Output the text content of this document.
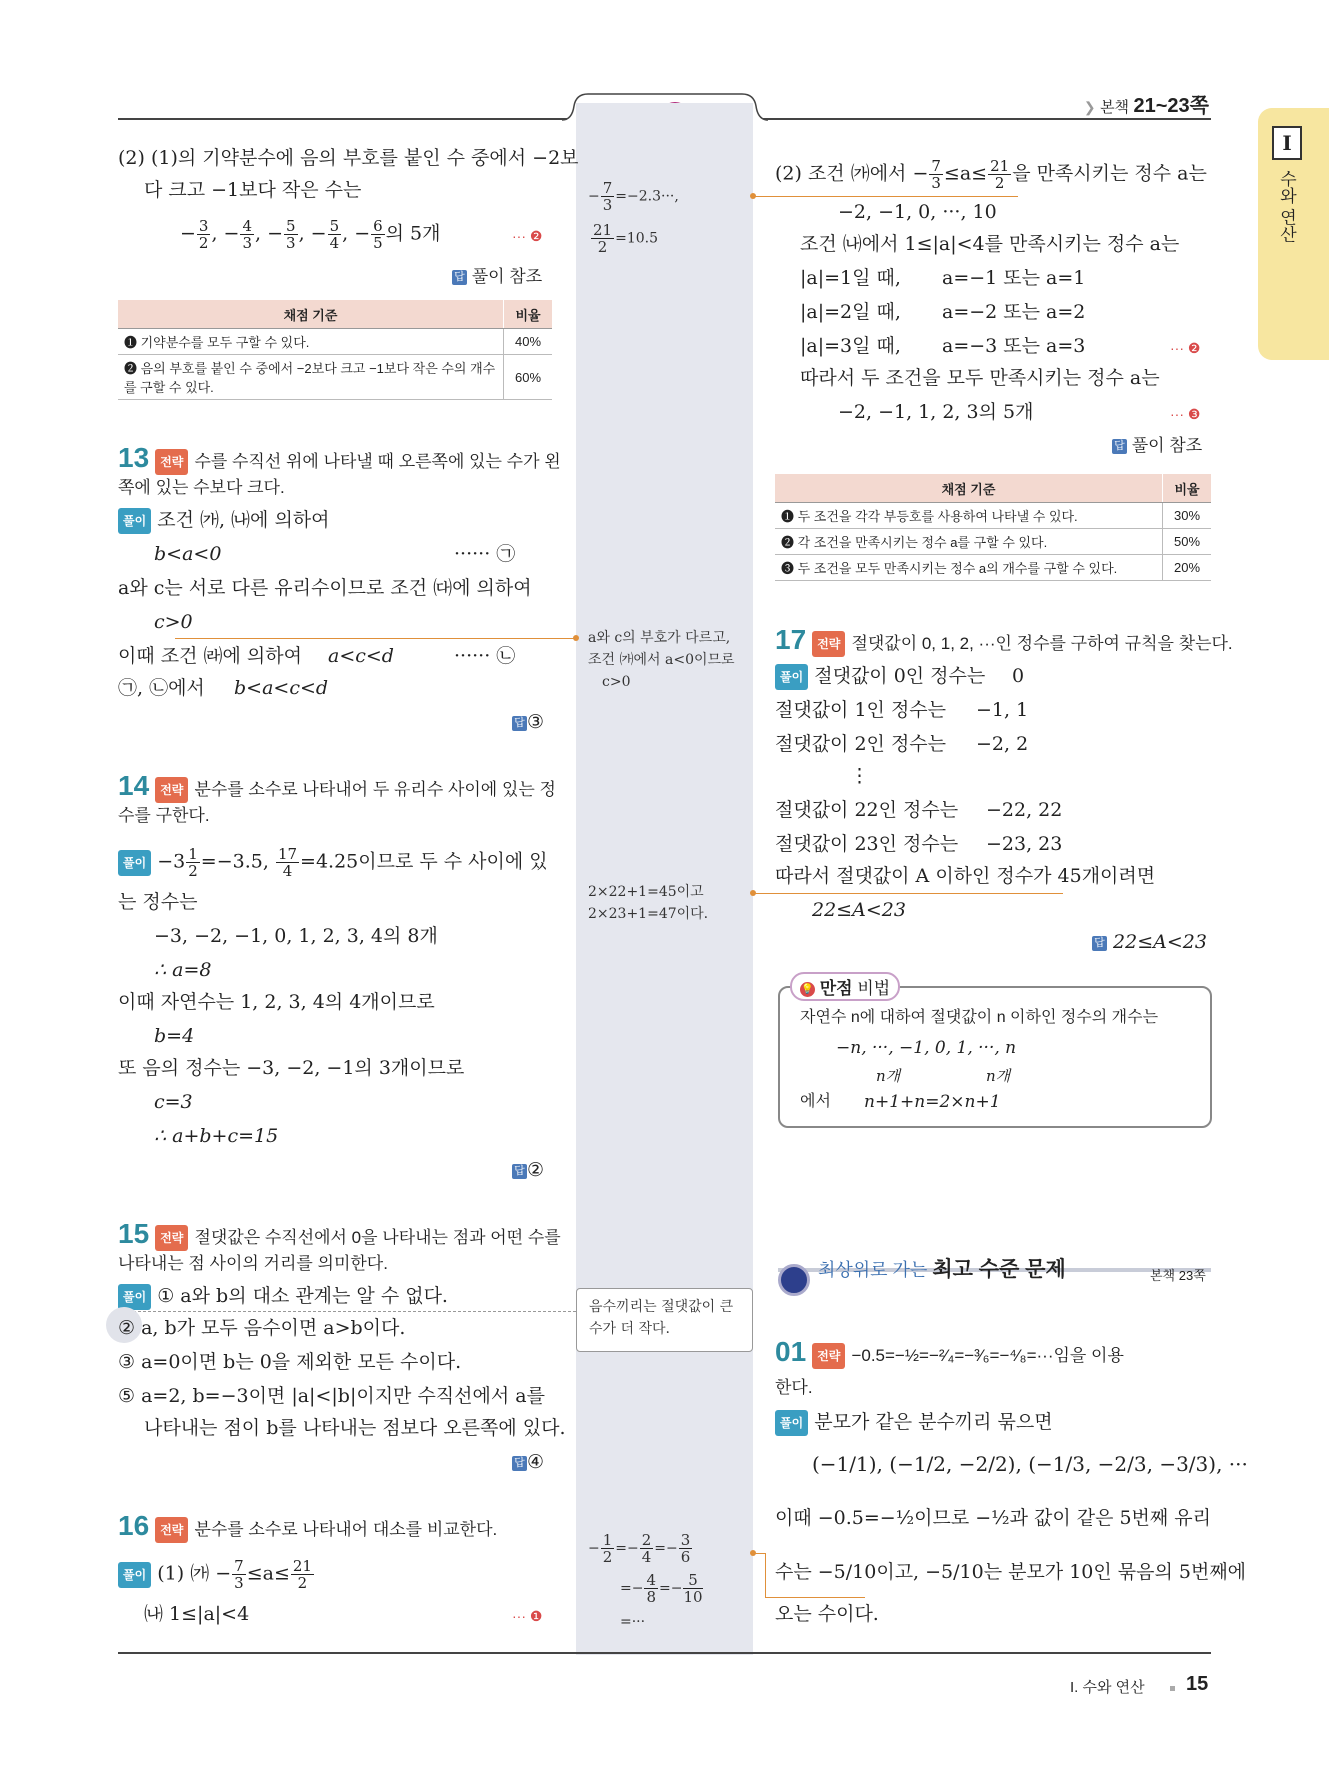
❯ 본책 21~23쪽
I
수와 연산
− $\frac{7}{3} =-2.3\cdot\cdot\cdot$,
$\frac{21}{2} =10.5$
a와 c의 부호가 다르고,
조건 ㈎에서 a<0이므로
c>0
2×22+1=45이고
2×23+1=47이다.
음수끼리는 절댓값이 큰
수가 더 작다.
− $\frac{1}{2} =- \frac{2}{4} =- \frac{3}{6}$
=− $\frac{4}{8} =- \frac{5}{10}$
=···
(2) (1)의 기약분수에 음의 부호를 붙인 수 중에서 −2보
다 크고 −1보다 작은 수는
− $\frac{3}{2}$ , − $\frac{4}{3}$ , − $\frac{5}{3}$ , − $\frac{5}{4}$ , − $\frac{6}{5}$ 의 5개	··· ❷
답 풀이 참조
채점 기준	비율
❶ 기약분수를 모두 구할 수 있다.	40%
❷ 음의 부호를 붙인 수 중에서 −2보다 크고 −1보다 작은 수의 개수를 구할 수 있다.	60%
13 전략 수를 수직선 위에 나타낼 때 오른쪽에 있는 수가 왼
쪽에 있는 수보다 크다.
풀이 조건 ㈎, ㈏에 의하여
b<a<0	······ ㉠
a와 c는 서로 다른 유리수이므로 조건 ㈐에 의하여
c>0
이때 조건 ㈑에 의하여 a<c<d	······ ㉡
㉠, ㉡에서 b<a<c<d
답 ③
14 전략 분수를 소수로 나타내어 두 유리수 사이에 있는 정
수를 구한다.
풀이 $-3 \frac{1}{2} =-3.5$, $\frac{17}{4} =4.25$이므로 두 수 사이에 있
는 정수는
−3, −2, −1, 0, 1, 2, 3, 4의 8개
∴ a=8
이때 자연수는 1, 2, 3, 4의 4개이므로
b=4
또 음의 정수는 −3, −2, −1의 3개이므로
c=3
∴ a+b+c=15
답 ②
15 전략 절댓값은 수직선에서 0을 나타내는 점과 어떤 수를
나타내는 점 사이의 거리를 의미한다.
풀이 ① a와 b의 대소 관계는 알 수 없다.
② a, b가 모두 음수이면 a>b이다.
③ a=0이면 b는 0을 제외한 모든 수이다.
⑤ a=2, b=−3이면 |a|<|b|이지만 수직선에서 a를
나타내는 점이 b를 나타내는 점보다 오른쪽에 있다.
답 ④
16 전략 분수를 소수로 나타내어 대소를 비교한다.
풀이 (1) ㈎ − $\frac{7}{3} \le a\le \frac{21}{2}$
㈏ 1≤|a|<4	··· ❶
(2) 조건 ㈎에서 − $\frac{7}{3} \le a\le \frac{21}{2}$ 을 만족시키는 정수 a는
−2, −1, 0, ···, 10
조건 ㈏에서 1≤|a|<4를 만족시키는 정수 a는
|a|=1일 때, a=−1 또는 a=1
|a|=2일 때, a=−2 또는 a=2
|a|=3일 때, a=−3 또는 a=3	··· ❷
따라서 두 조건을 모두 만족시키는 정수 a는
−2, −1, 1, 2, 3의 5개	··· ❸
답 풀이 참조
채점 기준	비율
❶ 두 조건을 각각 부등호를 사용하여 나타낼 수 있다.	30%
❷ 각 조건을 만족시키는 정수 a를 구할 수 있다.	50%
❸ 두 조건을 모두 만족시키는 정수 a의 개수를 구할 수 있다.	20%
17 전략 절댓값이 0, 1, 2, ···인 정수를 구하여 규칙을 찾는다.
풀이 절댓값이 0인 정수는 0
절댓값이 1인 정수는 −1, 1
절댓값이 2인 정수는 −2, 2
⋮
절댓값이 22인 정수는 −22, 22
절댓값이 23인 정수는 −23, 23
따라서 절댓값이 A 이하인 정수가 45개이려면
22≤A<23
답 22≤A<23
💡 만점 비법
자연수 n에 대하여 절댓값이 n 이하인 정수의 개수는
−n, ···, −1, 0, 1, ···, n
n개	n개
에서 n+1+n=2×n+1
최상위로 가는 최고 수준 문제	본책 23쪽
01 전략 −0.5=−½=−²⁄₄=−³⁄₆=−⁴⁄₈=···임을 이용
한다.
풀이 분모가 같은 분수끼리 묶으면
(−1/1), (−1/2, −2/2), (−1/3, −2/3, −3/3), ···
이때 −0.5=−½이므로 −½과 값이 같은 5번째 유리
수는 −5/10이고, −5/10는 분모가 10인 묶음의 5번째에
오는 수이다.
I. 수와 연산 15
